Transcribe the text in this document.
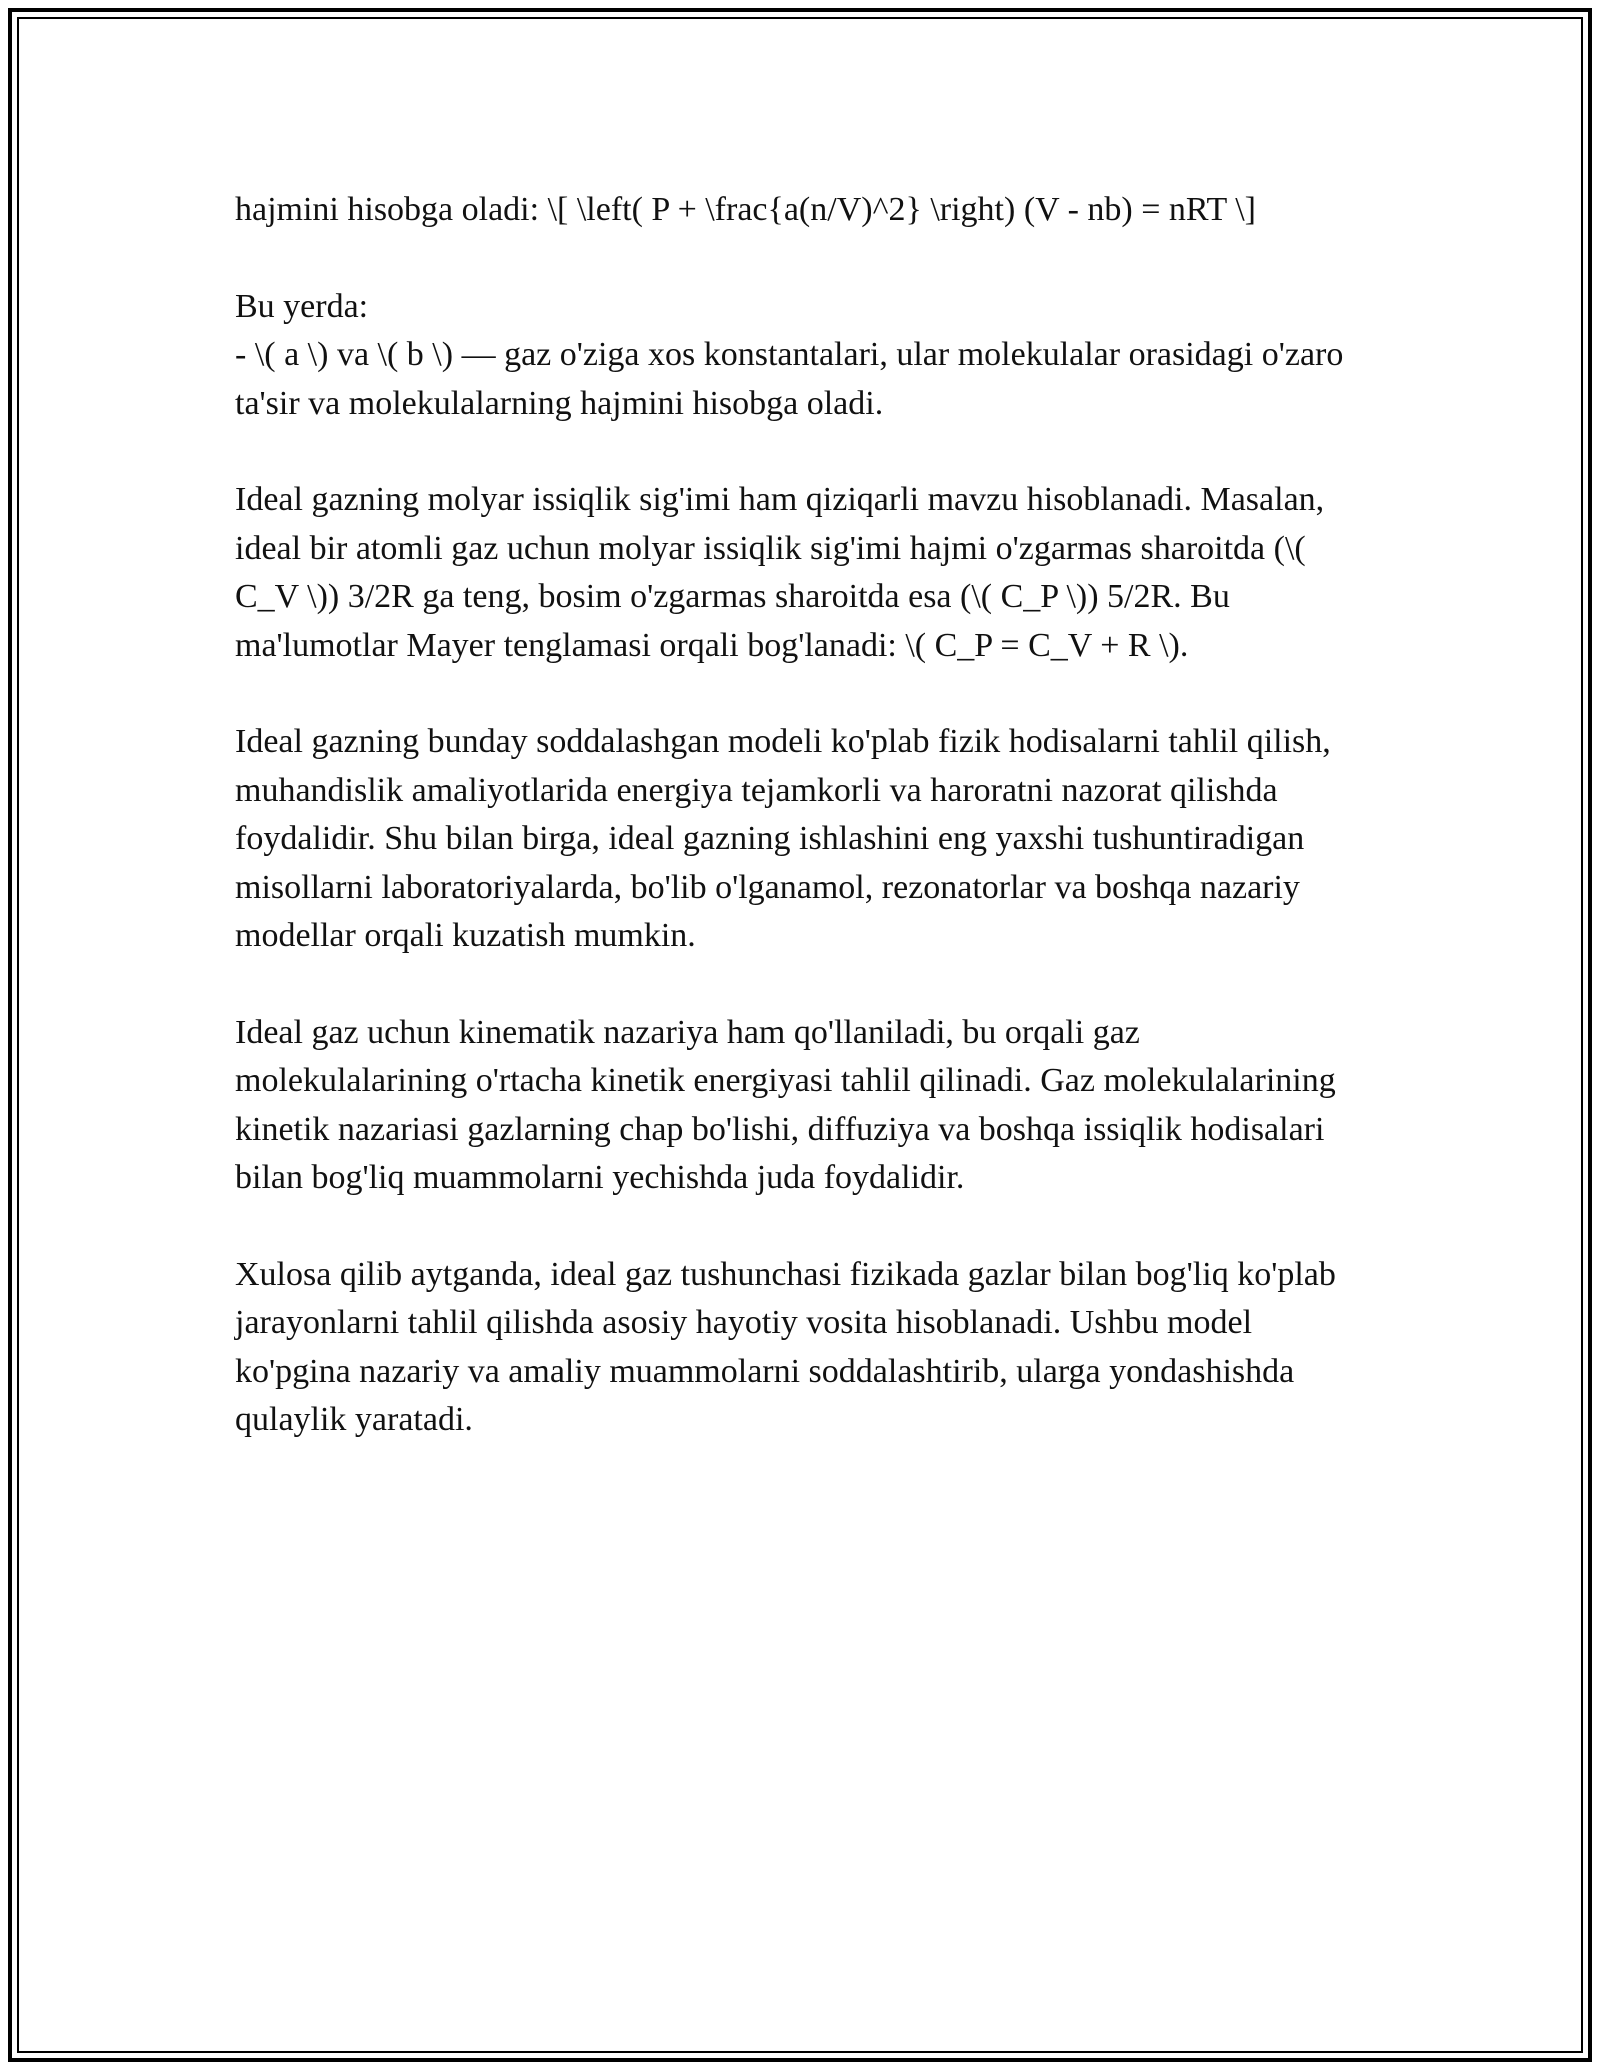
hajmini hisobga oladi: \[ \left( P + \frac{a(n/V)^2} \right) (V - nb) = nRT \]

Bu yerda:

- \( a \) va \( b \) — gaz o'ziga xos konstantalari, ular molekulalar orasidagi o'zaro ta'sir va molekulalarning hajmini hisobga oladi.

Ideal gazning molyar issiqlik sig'imi ham qiziqarli mavzu hisoblanadi. Masalan, ideal bir atomli gaz uchun molyar issiqlik sig'imi hajmi o'zgarmas sharoitda (\( C_V \)) 3/2R ga teng, bosim o'zgarmas sharoitda esa (\( C_P \)) 5/2R. Bu ma'lumotlar Mayer tenglamasi orqali bog'lanadi: \( C_P = C_V + R \).

Ideal gazning bunday soddalashgan modeli ko'plab fizik hodisalarni tahlil qilish, muhandislik amaliyotlarida energiya tejamkorli va haroratni nazorat qilishda foydalidir. Shu bilan birga, ideal gazning ishlashini eng yaxshi tushuntiradigan misollarni laboratoriyalarda, bo'lib o'lganamol, rezonatorlar va boshqa nazariy modellar orqali kuzatish mumkin.

Ideal gaz uchun kinematik nazariya ham qo'llaniladi, bu orqali gaz molekulalarining o'rtacha kinetik energiyasi tahlil qilinadi. Gaz molekulalarining kinetik nazariasi gazlarning chap bo'lishi, diffuziya va boshqa issiqlik hodisalari bilan bog'liq muammolarni yechishda juda foydalidir.

Xulosa qilib aytganda, ideal gaz tushunchasi fizikada gazlar bilan bog'liq ko'plab jarayonlarni tahlil qilishda asosiy hayotiy vosita hisoblanadi. Ushbu model ko'pgina nazariy va amaliy muammolarni soddalashtirib, ularga yondashishda qulaylik yaratadi.
